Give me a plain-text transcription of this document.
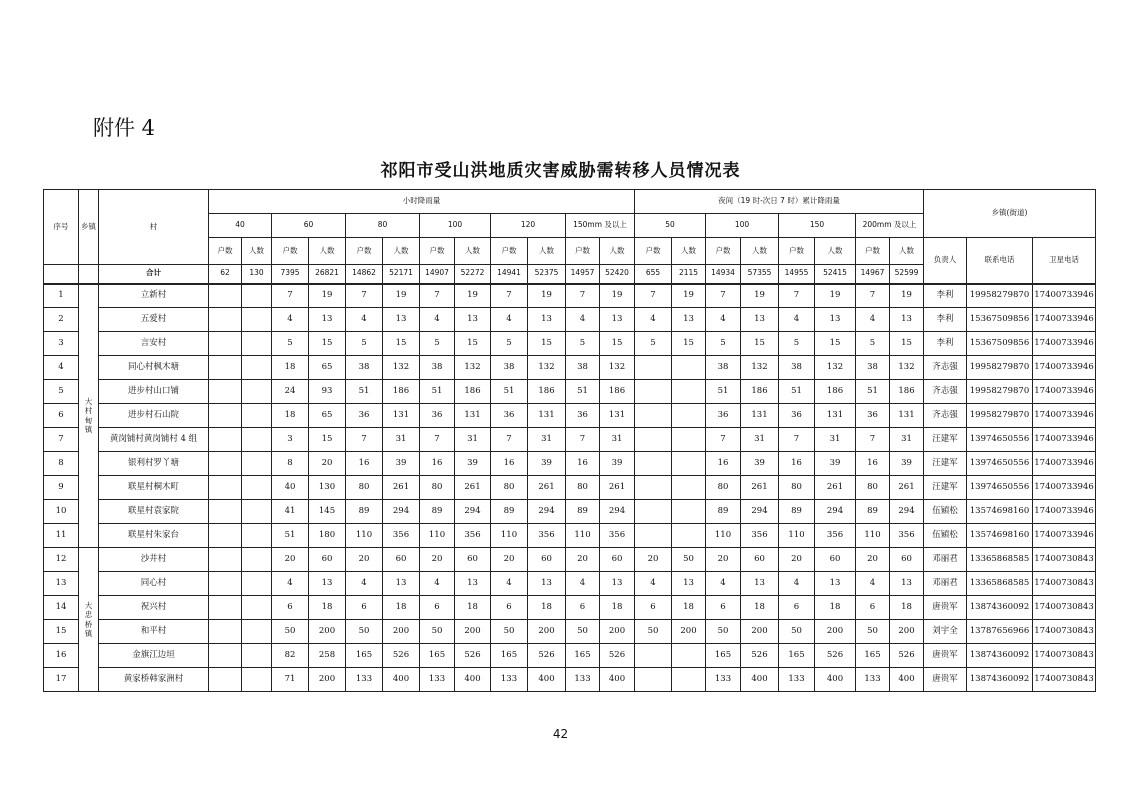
附件 4
祁阳市受山洪地质灾害威胁需转移人员情况表
序号	乡镇	村	小时降雨量												夜间（19 时-次日 7 时）累计降雨量								乡镇(街道)		
			40		60		80		100		120		150mm 及以上		50		100		150		200mm 及以上				
			户数	人数	户数	人数	户数	人数	户数	人数	户数	人数	户数	人数	户数	人数	户数	人数	户数	人数	户数	人数	负责人	联系电话	卫星电话
		合计	62	130	7395	26821	14862	52171	14907	52272	14941	52375	14957	52420	655	2115	14934	57355	14955	52415	14967	52599			
1	大村甸镇	立新村			7	19	7	19	7	19	7	19	7	19	7	19	7	19	7	19	7	19	李利	19958279870	17400733946
2		五爱村			4	13	4	13	4	13	4	13	4	13	4	13	4	13	4	13	4	13	李利	15367509856	17400733946
3		言安村			5	15	5	15	5	15	5	15	5	15	5	15	5	15	5	15	5	15	李利	15367509856	17400733946
4		同心村枫木塘			18	65	38	132	38	132	38	132	38	132			38	132	38	132	38	132	齐志强	19958279870	17400733946
5		进步村山口铺			24	93	51	186	51	186	51	186	51	186			51	186	51	186	51	186	齐志强	19958279870	17400733946
6		进步村石山院			18	65	36	131	36	131	36	131	36	131			36	131	36	131	36	131	齐志强	19958279870	17400733946
7		黄岗铺村黄岗铺村 4 组			3	15	7	31	7	31	7	31	7	31			7	31	7	31	7	31	汪建军	13974650556	17400733946
8		银利村罗丫塘			8	20	16	39	16	39	16	39	16	39			16	39	16	39	16	39	汪建军	13974650556	17400733946
9		联星村桐木町			40	130	80	261	80	261	80	261	80	261			80	261	80	261	80	261	汪建军	13974650556	17400733946
10		联星村袁家院			41	145	89	294	89	294	89	294	89	294			89	294	89	294	89	294	伍穎松	13574698160	17400733946
11		联星村朱家台			51	180	110	356	110	356	110	356	110	356			110	356	110	356	110	356	伍穎松	13574698160	17400733946
12	大忠桥镇	沙井村			20	60	20	60	20	60	20	60	20	60	20	50	20	60	20	60	20	60	邓丽君	13365868585	17400730843
13		同心村			4	13	4	13	4	13	4	13	4	13	4	13	4	13	4	13	4	13	邓丽君	13365868585	17400730843
14		祝兴村			6	18	6	18	6	18	6	18	6	18	6	18	6	18	6	18	6	18	唐贵军	13874360092	17400730843
15		和平村			50	200	50	200	50	200	50	200	50	200	50	200	50	200	50	200	50	200	刘宇全	13787656966	17400730843
16		金旗江边垣			82	258	165	526	165	526	165	526	165	526			165	526	165	526	165	526	唐贵军	13874360092	17400730843
17		黄家桥韩家洲村			71	200	133	400	133	400	133	400	133	400			133	400	133	400	133	400	唐贵军	13874360092	17400730843
42
